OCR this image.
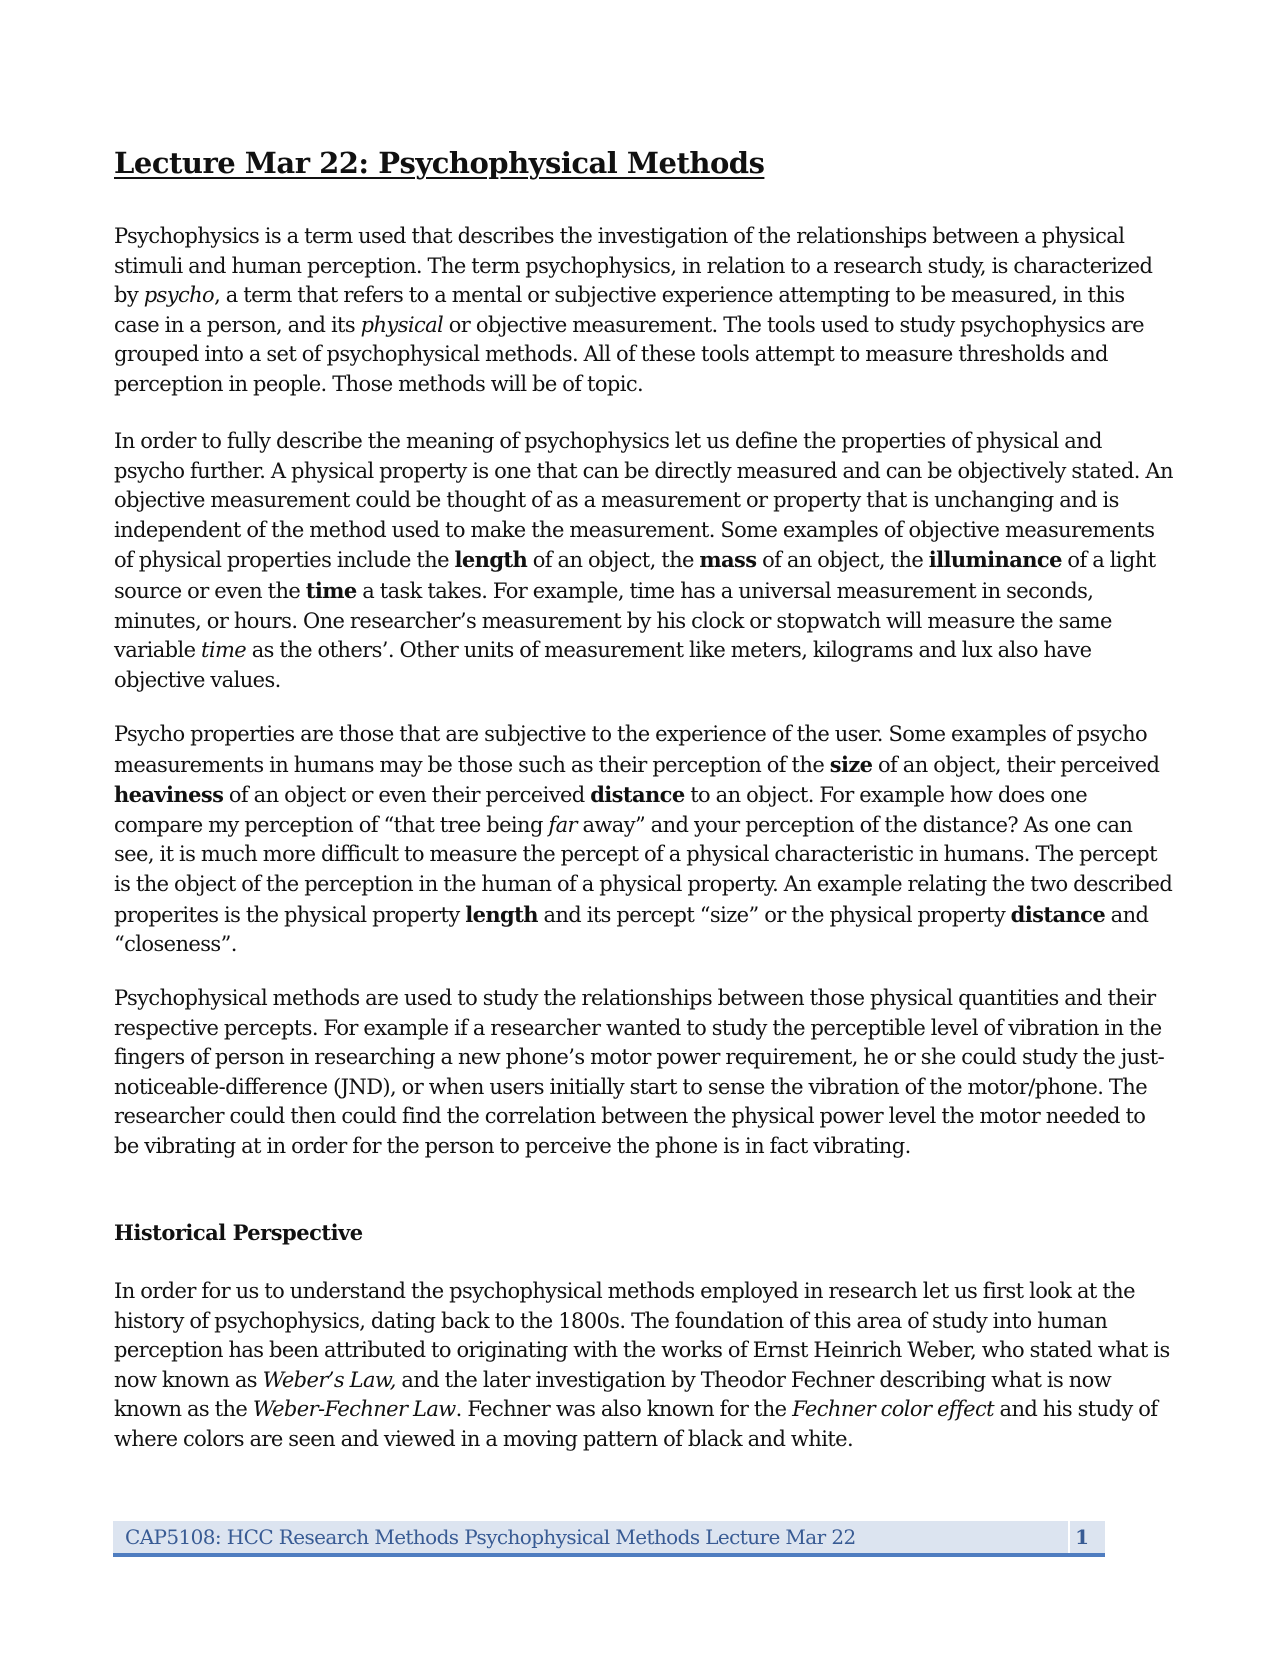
Lecture Mar 22: Psychophysical Methods

Psychophysics is a term used that describes the investigation of the relationships between a physical stimuli and human perception. The term psychophysics, in relation to a research study, is characterized by psycho, a term that refers to a mental or subjective experience attempting to be measured, in this case in a person, and its physical or objective measurement. The tools used to study psychophysics are grouped into a set of psychophysical methods. All of these tools attempt to measure thresholds and perception in people. Those methods will be of topic.

In order to fully describe the meaning of psychophysics let us define the properties of physical and psycho further. A physical property is one that can be directly measured and can be objectively stated. An objective measurement could be thought of as a measurement or property that is unchanging and is independent of the method used to make the measurement. Some examples of objective measurements of physical properties include the length of an object, the mass of an object, the illuminance of a light source or even the time a task takes. For example, time has a universal measurement in seconds, minutes, or hours. One researcher’s measurement by his clock or stopwatch will measure the same variable time as the others’. Other units of measurement like meters, kilograms and lux also have objective values.

Psycho properties are those that are subjective to the experience of the user. Some examples of psycho measurements in humans may be those such as their perception of the size of an object, their perceived heaviness of an object or even their perceived distance to an object. For example how does one compare my perception of “that tree being far away” and your perception of the distance? As one can see, it is much more difficult to measure the percept of a physical characteristic in humans. The percept is the object of the perception in the human of a physical property. An example relating the two described properites is the physical property length and its percept “size” or the physical property distance and “closeness”.

Psychophysical methods are used to study the relationships between those physical quantities and their respective percepts. For example if a researcher wanted to study the perceptible level of vibration in the fingers of person in researching a new phone’s motor power requirement, he or she could study the just-noticeable-difference (JND), or when users initially start to sense the vibration of the motor/phone. The researcher could then could find the correlation between the physical power level the motor needed to be vibrating at in order for the person to perceive the phone is in fact vibrating.

Historical Perspective

In order for us to understand the psychophysical methods employed in research let us first look at the history of psychophysics, dating back to the 1800s. The foundation of this area of study into human perception has been attributed to originating with the works of Ernst Heinrich Weber, who stated what is now known as Weber’s Law, and the later investigation by Theodor Fechner describing what is now known as the Weber-Fechner Law. Fechner was also known for the Fechner color effect and his study of where colors are seen and viewed in a moving pattern of black and white.

CAP5108: HCC Research Methods Psychophysical Methods Lecture Mar 22	1
